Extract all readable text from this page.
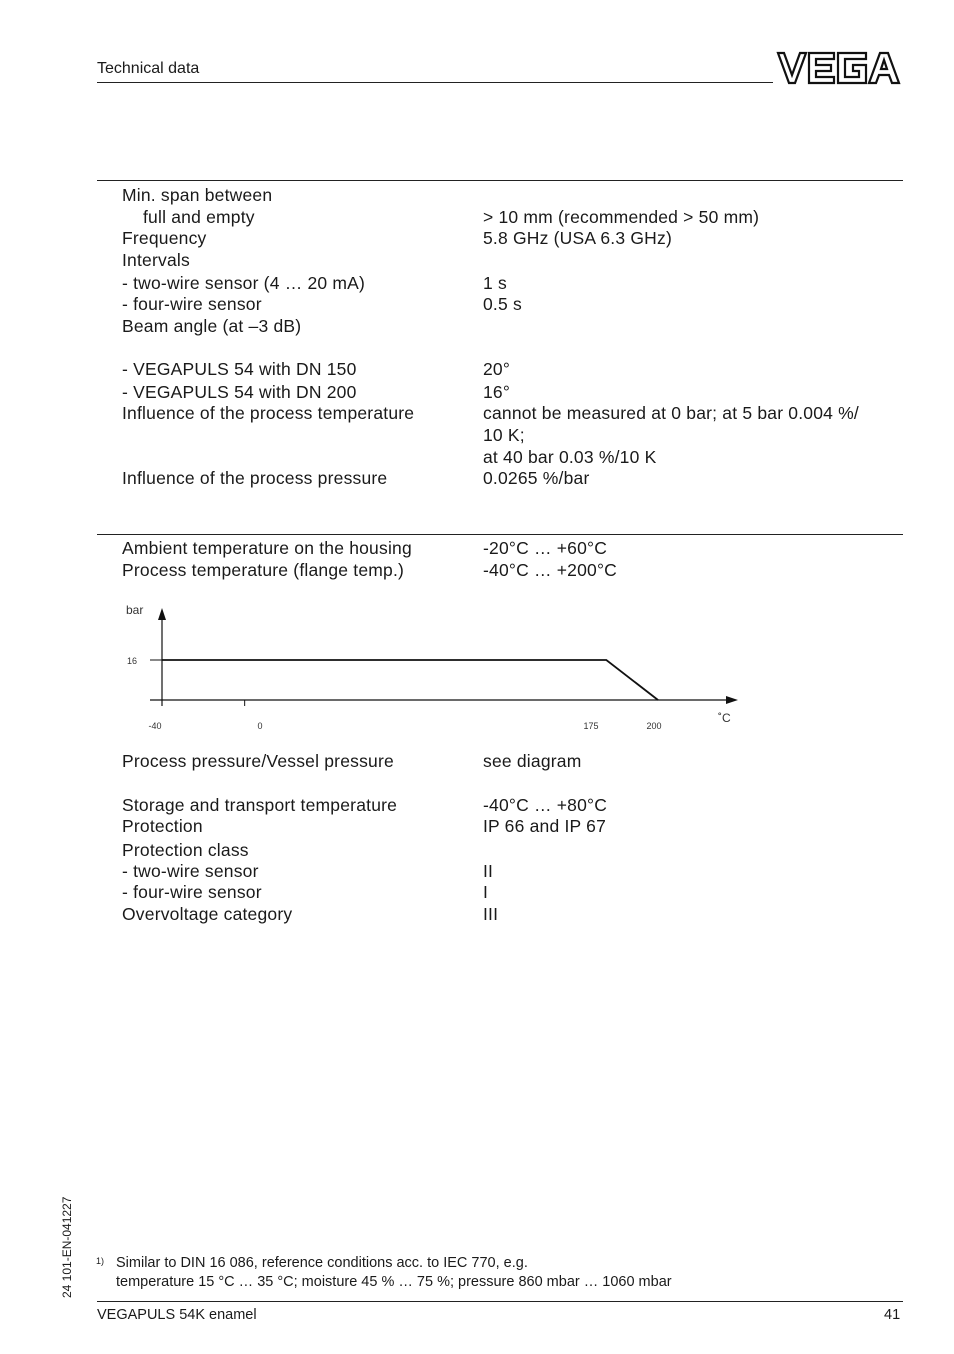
Technical data
Min. span between
full and empty	> 10 mm (recommended > 50 mm)
Frequency	5.8 GHz (USA 6.3 GHz)
Intervals
- two-wire sensor (4 … 20 mA)	1 s
- four-wire sensor	0.5 s
Beam angle (at –3 dB)
- VEGAPULS 54 with DN 150	20°
- VEGAPULS 54 with DN 200	16°
Influence of the process temperature	cannot be measured at 0 bar; at 5 bar 0.004 %/
10 K;
at 40 bar 0.03 %/10 K
Influence of the process pressure	0.0265 %/bar
Ambient temperature on the housing	-20°C … +60°C
Process temperature (flange temp.)	-40°C … +200°C
bar
˚C
16
-40	0	175	200
Process pressure/Vessel pressure	see diagram
Storage and transport temperature	-40°C … +80°C
Protection	IP 66 and IP 67
Protection class
- two-wire sensor	II
- four-wire sensor	I
Overvoltage category	III
1) Similar to DIN 16 086, reference conditions acc. to IEC 770, e.g.
temperature 15 °C … 35 °C; moisture 45 % … 75 %; pressure 860 mbar … 1060 mbar
24 101-EN-041227
VEGAPULS 54K enamel	41
